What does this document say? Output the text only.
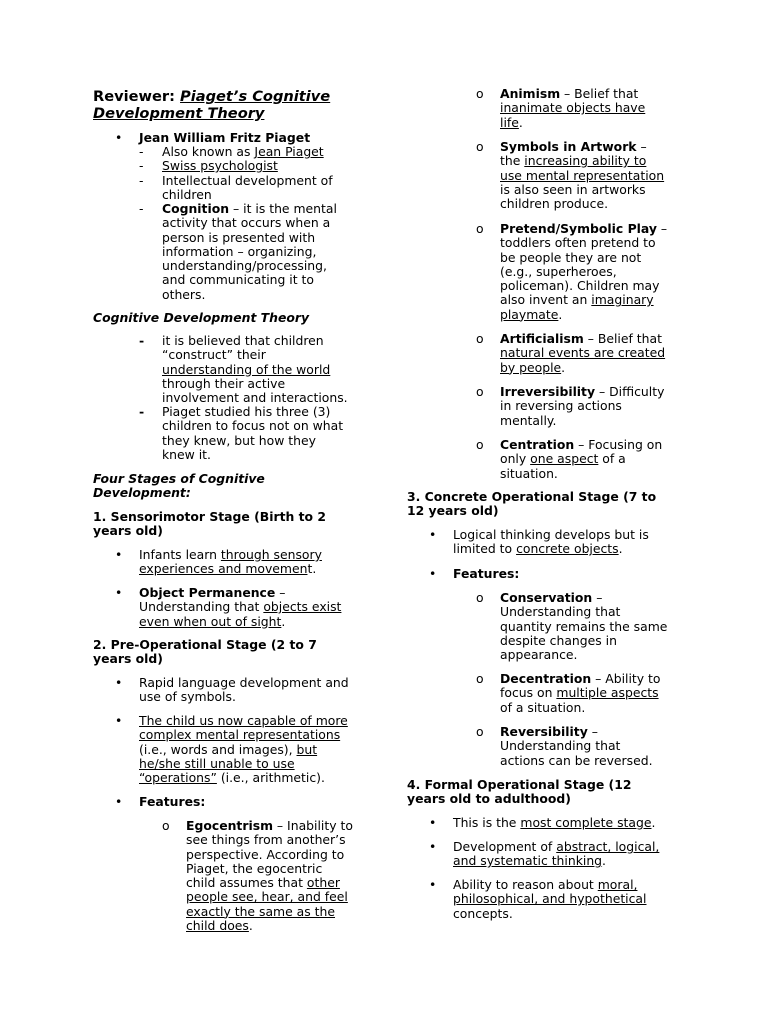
Reviewer: Piaget’s Cognitive
Development Theory
• Jean William Fritz Piaget
- Also known as Jean Piaget
- Swiss psychologist
- Intellectual development of
children
- Cognition – it is the mental
activity that occurs when a
person is presented with
information – organizing,
understanding/processing,
and communicating it to
others.
Cognitive Development Theory
- it is believed that children
“construct” their
understanding of the world
through their active
involvement and interactions.
- Piaget studied his three (3)
children to focus not on what
they knew, but how they
knew it.
Four Stages of Cognitive
Development:
1. Sensorimotor Stage (Birth to 2
years old)
• Infants learn through sensory
experiences and movement.
• Object Permanence –
Understanding that objects exist
even when out of sight.
2. Pre-Operational Stage (2 to 7
years old)
• Rapid language development and
use of symbols.
• The child us now capable of more
complex mental representations
(i.e., words and images), but
he/she still unable to use
“operations” (i.e., arithmetic).
• Features:
o Egocentrism – Inability to
see things from another’s
perspective. According to
Piaget, the egocentric
child assumes that other
people see, hear, and feel
exactly the same as the
child does.
o Animism – Belief that
inanimate objects have
life.
o Symbols in Artwork –
the increasing ability to
use mental representation
is also seen in artworks
children produce.
o Pretend/Symbolic Play –
toddlers often pretend to
be people they are not
(e.g., superheroes,
policeman). Children may
also invent an imaginary
playmate.
o Artificialism – Belief that
natural events are created
by people.
o Irreversibility – Difficulty
in reversing actions
mentally.
o Centration – Focusing on
only one aspect of a
situation.
3. Concrete Operational Stage (7 to
12 years old)
• Logical thinking develops but is
limited to concrete objects.
• Features:
o Conservation –
Understanding that
quantity remains the same
despite changes in
appearance.
o Decentration – Ability to
focus on multiple aspects
of a situation.
o Reversibility –
Understanding that
actions can be reversed.
4. Formal Operational Stage (12
years old to adulthood)
• This is the most complete stage.
• Development of abstract, logical,
and systematic thinking.
• Ability to reason about moral,
philosophical, and hypothetical
concepts.
